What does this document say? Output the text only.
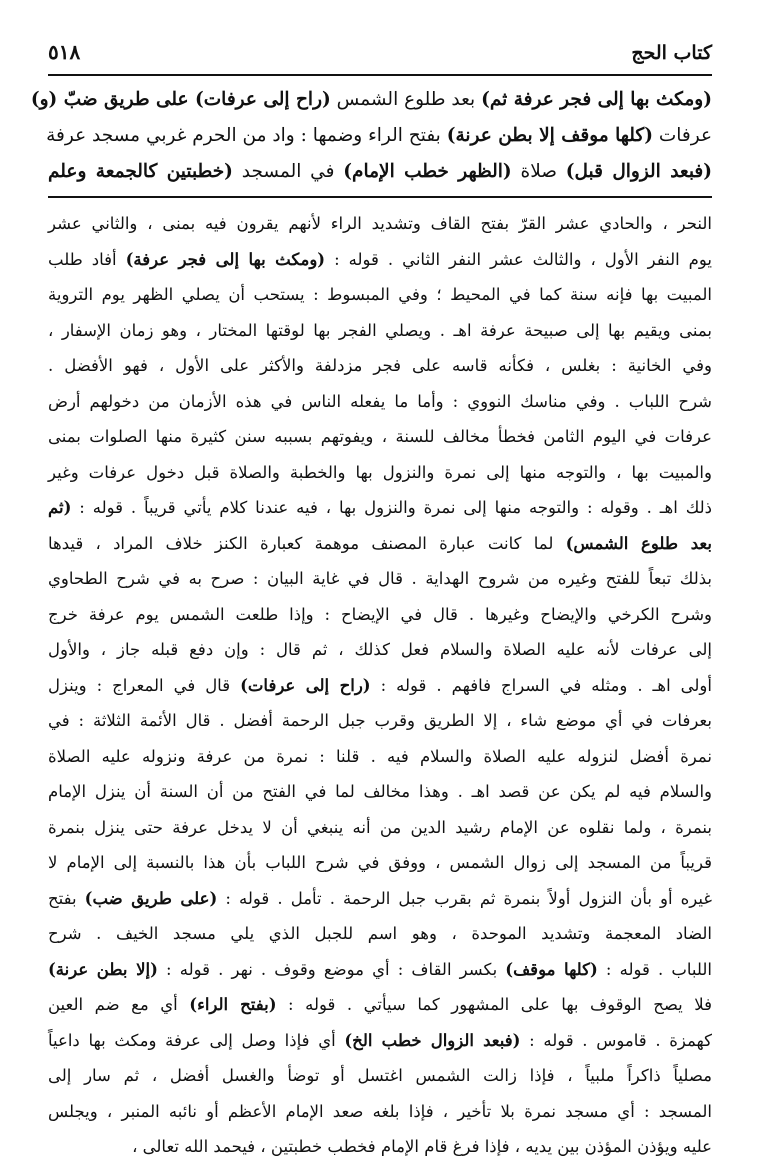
كتاب الحج
٥١٨
(ومكث بها إلى فجر عرفة ثم) بعد طلوع الشمس (راح إلى عرفات) على طريق ضبّ (و)
عرفات (كلها موقف إلا بطن عرنة) بفتح الراء وضمها : واد من الحرم غربي مسجد عرفة
(فبعد الزوال قبل) صلاة (الظهر خطب الإمام) في المسجد (خطبتين كالجمعة وعلم
النحر ، والحادي عشر القرّ بفتح القاف وتشديد الراء لأنهم يقرون فيه بمنى ، والثاني عشر
يوم النفر الأول ، والثالث عشر النفر الثاني . قوله : (ومكث بها إلى فجر عرفة) أفاد طلب
المبيت بها فإنه سنة كما في المحيط ؛ وفي المبسوط : يستحب أن يصلي الظهر يوم التروية
بمنى ويقيم بها إلى صبيحة عرفة اهـ . ويصلي الفجر بها لوقتها المختار ، وهو زمان الإسفار ،
وفي الخانية : بغلس ، فكأنه قاسه على فجر مزدلفة والأكثر على الأول ، فهو الأفضل .
شرح اللباب . وفي مناسك النووي : وأما ما يفعله الناس في هذه الأزمان من دخولهم أرض
عرفات في اليوم الثامن فخطأ مخالف للسنة ، ويفوتهم بسببه سنن كثيرة منها الصلوات بمنى
والمبيت بها ، والتوجه منها إلى نمرة والنزول بها والخطبة والصلاة قبل دخول عرفات وغير
ذلك اهـ . وقوله : والتوجه منها إلى نمرة والنزول بها ، فيه عندنا كلام يأتي قريباً . قوله : (ثم
بعد طلوع الشمس) لما كانت عبارة المصنف موهمة كعبارة الكنز خلاف المراد ، قيدها
بذلك تبعاً للفتح وغيره من شروح الهداية . قال في غاية البيان : صرح به في شرح الطحاوي
وشرح الكرخي والإيضاح وغيرها . قال في الإيضاح : وإذا طلعت الشمس يوم عرفة خرج
إلى عرفات لأنه عليه الصلاة والسلام فعل كذلك ، ثم قال : وإن دفع قبله جاز ، والأول
أولى اهـ . ومثله في السراج فافهم . قوله : (راح إلى عرفات) قال في المعراج : وينزل
بعرفات في أي موضع شاء ، إلا الطريق وقرب جبل الرحمة أفضل . قال الأئمة الثلاثة : في
نمرة أفضل لنزوله عليه الصلاة والسلام فيه . قلنا : نمرة من عرفة ونزوله عليه الصلاة
والسلام فيه لم يكن عن قصد اهـ . وهذا مخالف لما في الفتح من أن السنة أن ينزل الإمام
بنمرة ، ولما نقلوه عن الإمام رشيد الدين من أنه ينبغي أن لا يدخل عرفة حتى ينزل بنمرة
قريباً من المسجد إلى زوال الشمس ، ووفق في شرح اللباب بأن هذا بالنسبة إلى الإمام لا
غيره أو بأن النزول أولاً بنمرة ثم بقرب جبل الرحمة . تأمل . قوله : (على طريق ضب) بفتح
الضاد المعجمة وتشديد الموحدة ، وهو اسم للجبل الذي يلي مسجد الخيف . شرح
اللباب . قوله : (كلها موقف) بكسر القاف : أي موضع وقوف . نهر . قوله : (إلا بطن عرنة)
فلا يصح الوقوف بها على المشهور كما سيأتي . قوله : (بفتح الراء) أي مع ضم العين
كهمزة . قاموس . قوله : (فبعد الزوال خطب الخ) أي فإذا وصل إلى عرفة ومكث بها داعياً
مصلياً ذاكراً ملبياً ، فإذا زالت الشمس اغتسل أو توضأ والغسل أفضل ، ثم سار إلى
المسجد : أي مسجد نمرة بلا تأخير ، فإذا بلغه صعد الإمام الأعظم أو نائبه المنبر ، ويجلس
عليه ويؤذن المؤذن بين يديه ، فإذا فرغ قام الإمام فخطب خطبتين ، فيحمد الله تعالى ،
